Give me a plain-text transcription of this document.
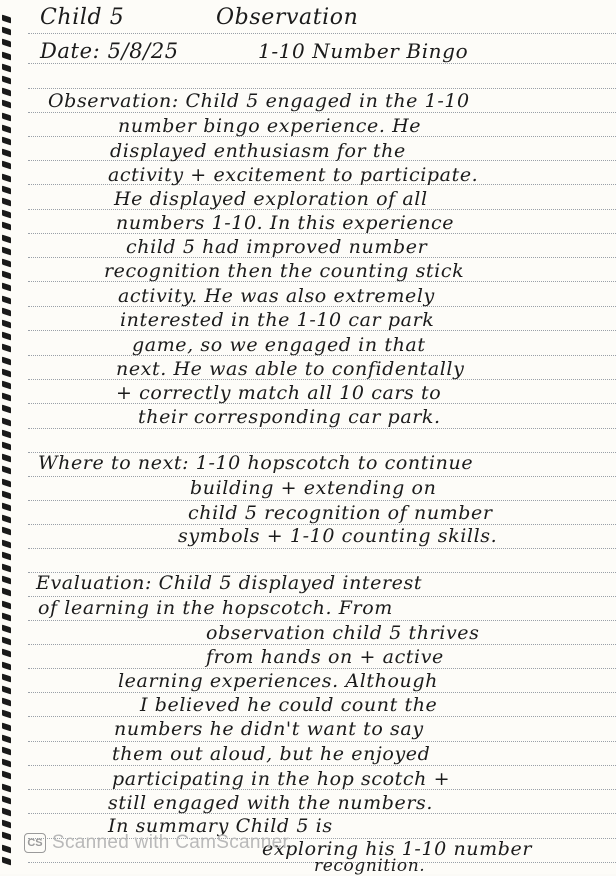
Child 5	Observation
Date: 5/8/25	1-10 Number Bingo
Observation: Child 5 engaged in the 1-10
number bingo experience. He
displayed enthusiasm for the
activity + excitement to participate.
He displayed exploration of all
numbers 1-10. In this experience
child 5 had improved number
recognition then the counting stick
activity. He was also extremely
interested in the 1-10 car park
game, so we engaged in that
next. He was able to confidentally
+ correctly match all 10 cars to
their corresponding car park.
Where to next: 1-10 hopscotch to continue
building + extending on
child 5 recognition of number
symbols + 1-10 counting skills.
Evaluation: Child 5 displayed interest
of learning in the hopscotch. From
observation child 5 thrives
from hands on + active
learning experiences. Although
I believed he could count the
numbers he didn't want to say
them out aloud, but he enjoyed
participating in the hop scotch +
still engaged with the numbers.
In summary Child 5 is
exploring his 1-10 number
recognition.
CS Scanned with CamScanner
